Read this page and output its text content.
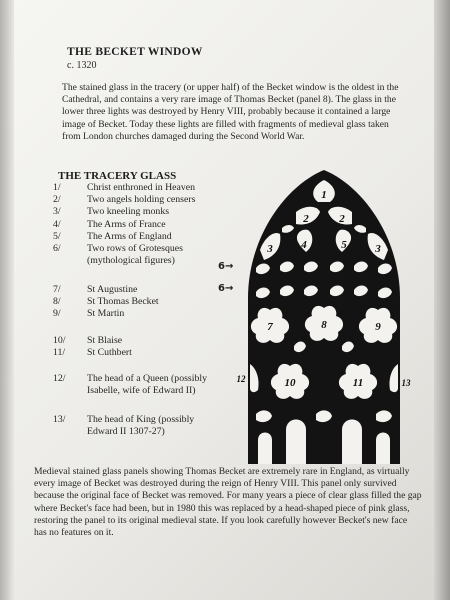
THE BECKET WINDOW
c. 1320
The stained glass in the tracery (or upper half) of the Becket window is the oldest in the Cathedral, and contains a very rare image of Thomas Becket (panel 8). The glass in the lower three lights was destroyed by Henry VIII, probably because it contained a large image of Becket. Today these lights are filled with fragments of medieval glass taken from London churches damaged during the Second World War.
THE TRACERY GLASS
1/	Christ enthroned in Heaven
2/	Two angels holding censers
3/	Two kneeling monks
4/	The Arms of France
5/	The Arms of England
6/	Two rows of Grotesques (mythological figures)
7/	St Augustine
8/	St Thomas Becket
9/	St Martin
10/ St Blaise
11/ St Cuthbert
12/ The head of a Queen (possibly Isabelle, wife of Edward II)
13/ The head of King (possibly Edward II 1307-27)
6→
6→
1
2	2
3	4	5	3
7	8	9
10	11
12	13
Medieval stained glass panels showing Thomas Becket are extremely rare in England, as virtually every image of Becket was destroyed during the reign of Henry VIII. This panel only survived because the original face of Becket was removed. For many years a piece of clear glass filled the gap where Becket's face had been, but in 1980 this was replaced by a head-shaped piece of pink glass, restoring the panel to its original medieval state. If you look carefully however Becket's new face has no features on it.
